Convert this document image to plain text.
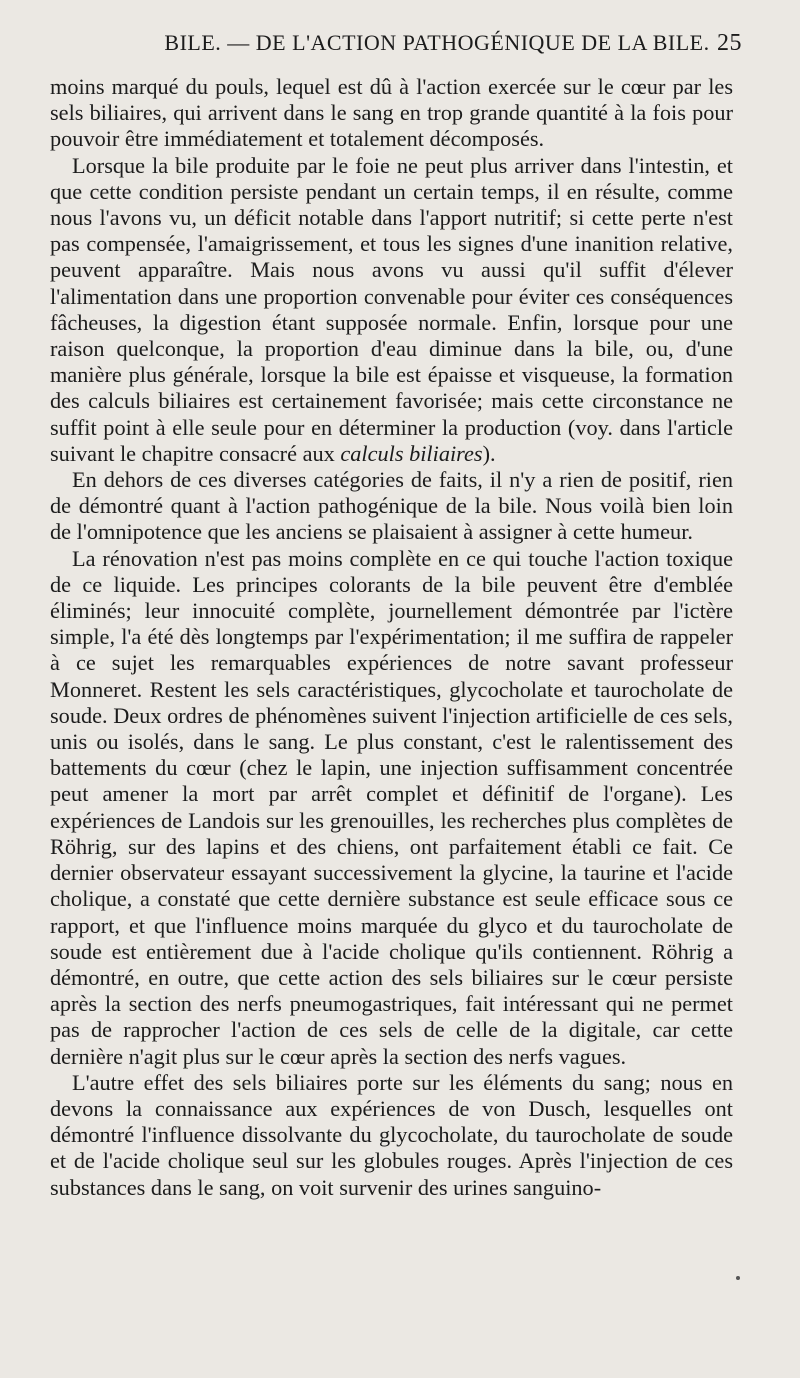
BILE. — DE L'ACTION PATHOGÉNIQUE DE LA BILE. 25

moins marqué du pouls, lequel est dû à l'action exercée sur le cœur par les sels biliaires, qui arrivent dans le sang en trop grande quantité à la fois pour pouvoir être immédiatement et totalement décomposés.

Lorsque la bile produite par le foie ne peut plus arriver dans l'intestin, et que cette condition persiste pendant un certain temps, il en résulte, comme nous l'avons vu, un déficit notable dans l'apport nutritif; si cette perte n'est pas compensée, l'amaigrissement, et tous les signes d'une inanition relative, peuvent apparaître. Mais nous avons vu aussi qu'il suffit d'élever l'alimentation dans une proportion convenable pour éviter ces conséquences fâcheuses, la digestion étant supposée normale. Enfin, lorsque pour une raison quelconque, la proportion d'eau diminue dans la bile, ou, d'une manière plus générale, lorsque la bile est épaisse et visqueuse, la formation des calculs biliaires est certainement favorisée; mais cette circonstance ne suffit point à elle seule pour en déterminer la production (voy. dans l'article suivant le chapitre consacré aux calculs biliaires).

En dehors de ces diverses catégories de faits, il n'y a rien de positif, rien de démontré quant à l'action pathogénique de la bile. Nous voilà bien loin de l'omnipotence que les anciens se plaisaient à assigner à cette humeur.

La rénovation n'est pas moins complète en ce qui touche l'action toxique de ce liquide. Les principes colorants de la bile peuvent être d'emblée éliminés; leur innocuité complète, journellement démontrée par l'ictère simple, l'a été dès longtemps par l'expérimentation; il me suffira de rappeler à ce sujet les remarquables expériences de notre savant professeur Monneret. Restent les sels caractéristiques, glycocholate et taurocholate de soude. Deux ordres de phénomènes suivent l'injection artificielle de ces sels, unis ou isolés, dans le sang. Le plus constant, c'est le ralentissement des battements du cœur (chez le lapin, une injection suffisamment concentrée peut amener la mort par arrêt complet et définitif de l'organe). Les expériences de Landois sur les grenouilles, les recherches plus complètes de Röhrig, sur des lapins et des chiens, ont parfaitement établi ce fait. Ce dernier observateur essayant successivement la glycine, la taurine et l'acide cholique, a constaté que cette dernière substance est seule efficace sous ce rapport, et que l'influence moins marquée du glyco et du taurocholate de soude est entièrement due à l'acide cholique qu'ils contiennent. Röhrig a démontré, en outre, que cette action des sels biliaires sur le cœur persiste après la section des nerfs pneumogastriques, fait intéressant qui ne permet pas de rapprocher l'action de ces sels de celle de la digitale, car cette dernière n'agit plus sur le cœur après la section des nerfs vagues.

L'autre effet des sels biliaires porte sur les éléments du sang; nous en devons la connaissance aux expériences de von Dusch, lesquelles ont démontré l'influence dissolvante du glycocholate, du taurocholate de soude et de l'acide cholique seul sur les globules rouges. Après l'injection de ces substances dans le sang, on voit survenir des urines sanguino-
